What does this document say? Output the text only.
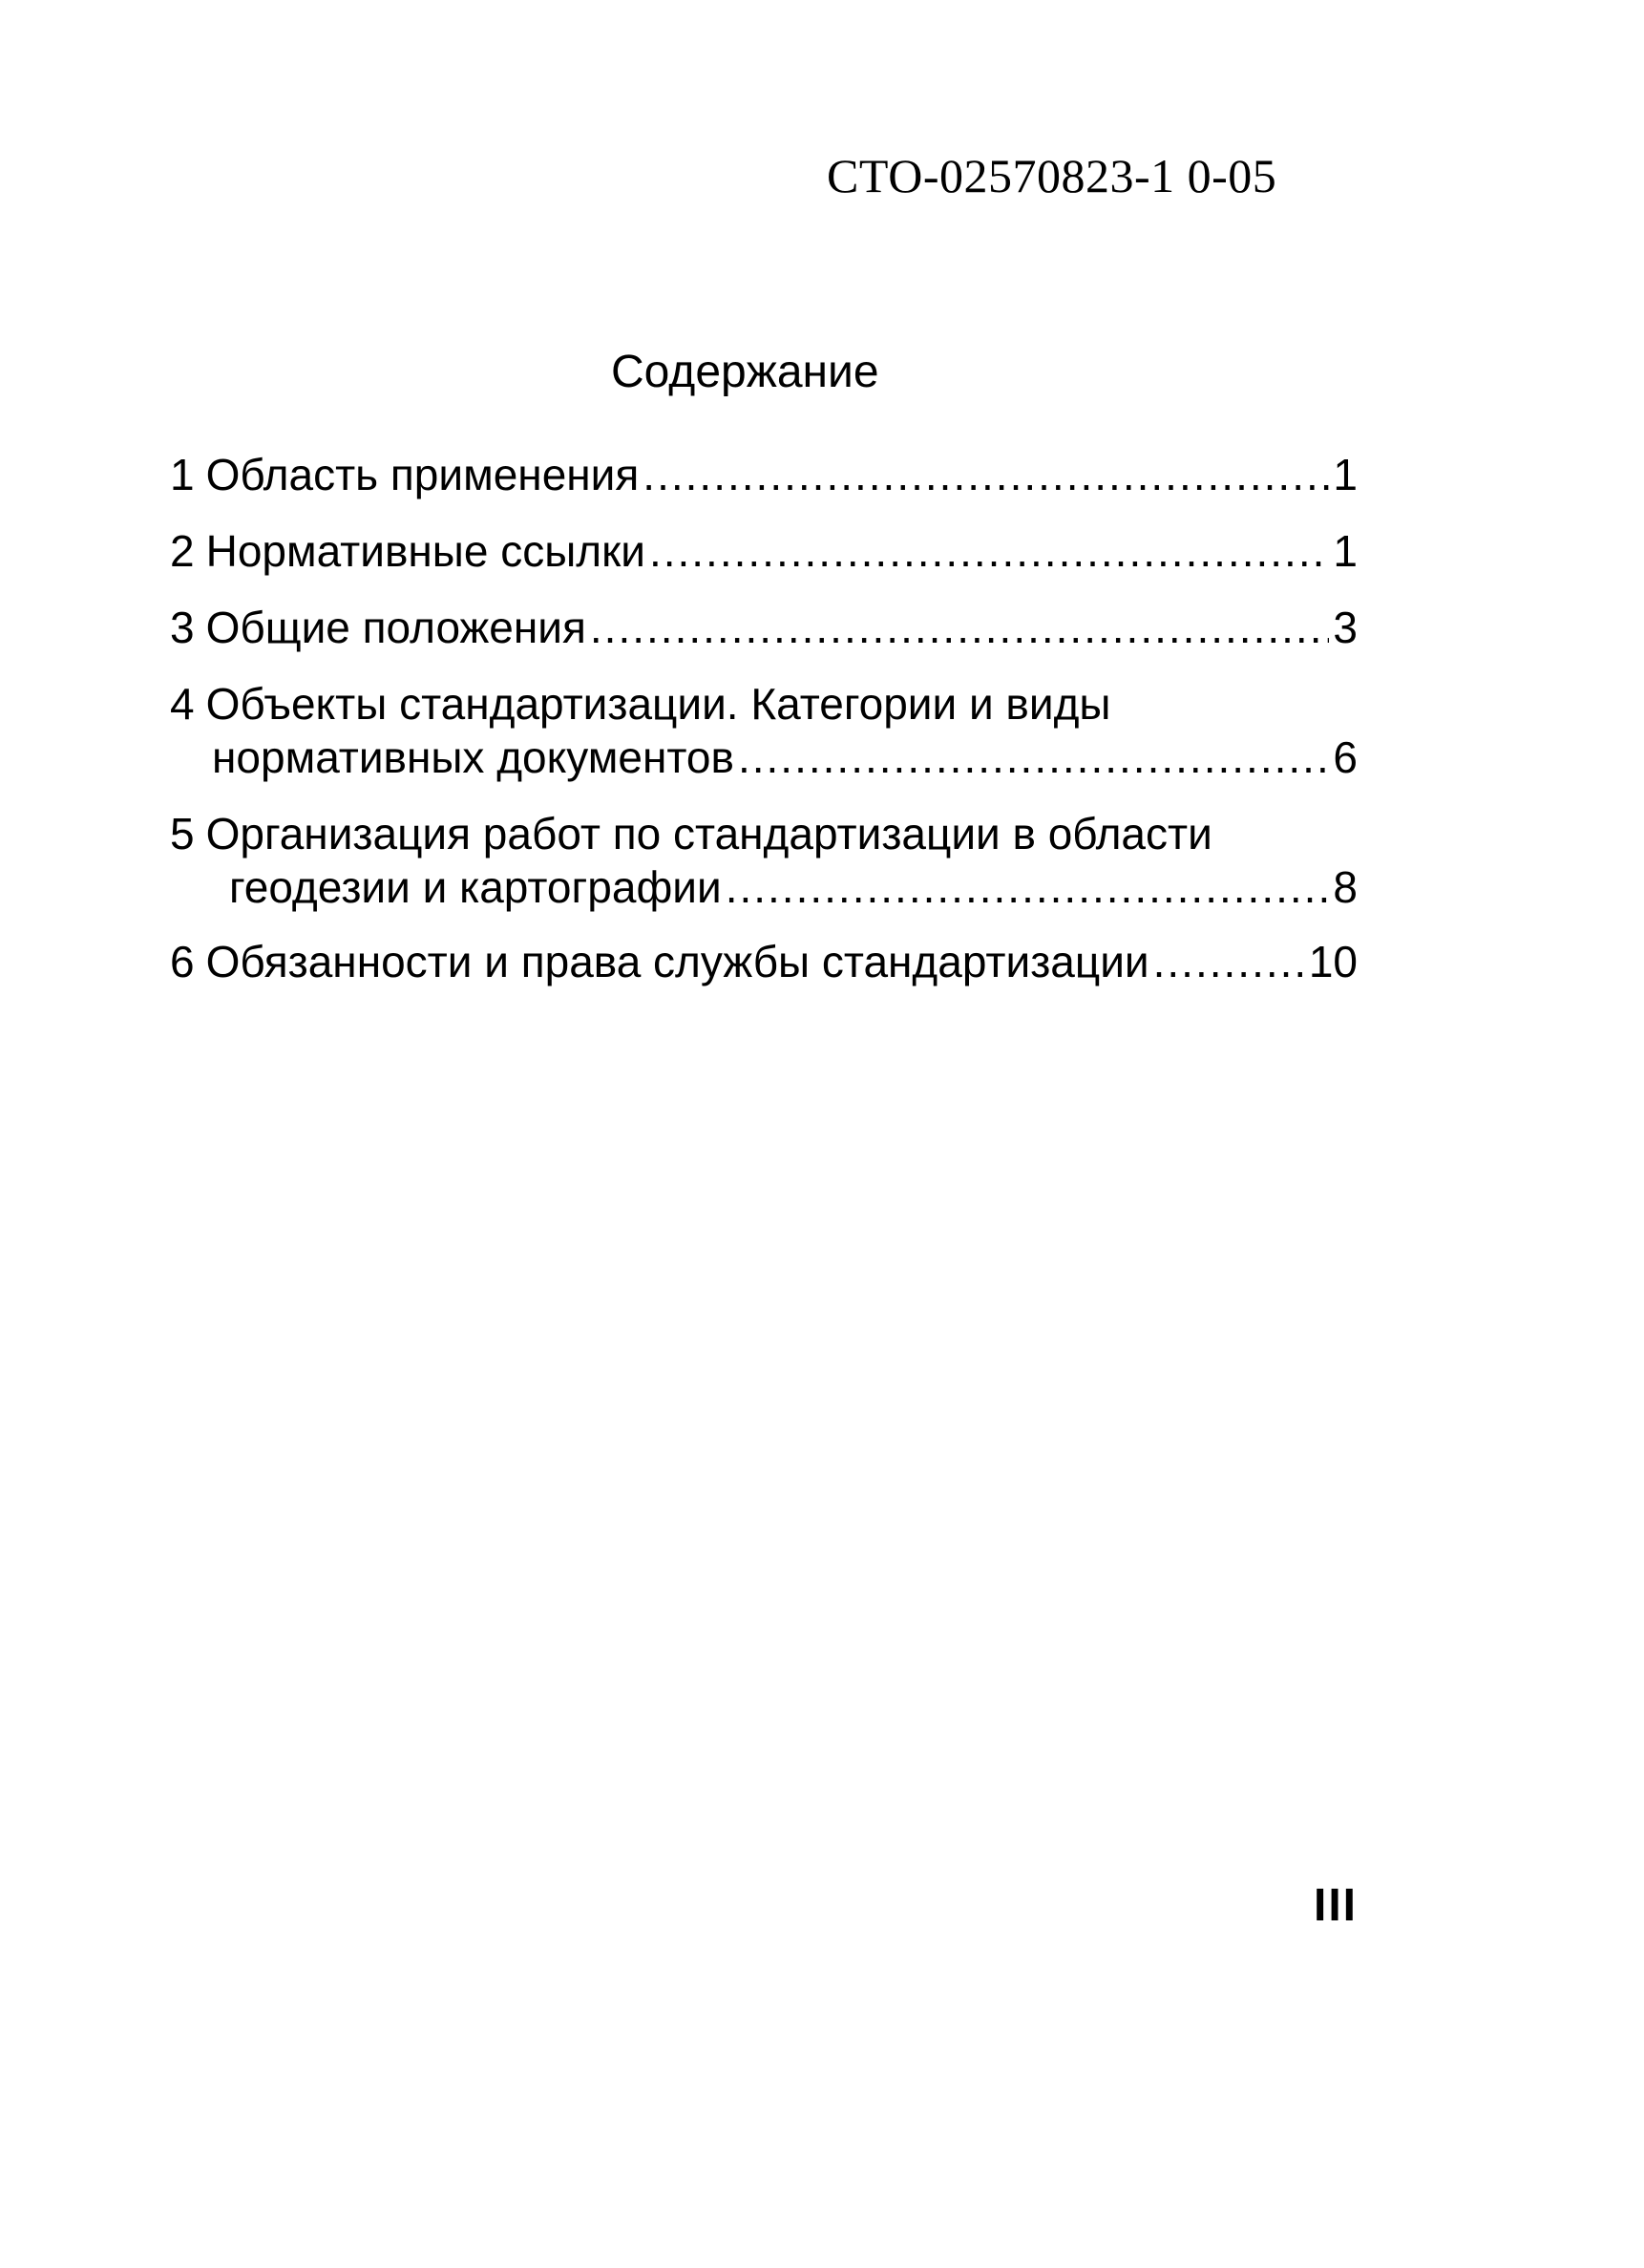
СТО-02570823-1 0-05
Содержание
1 Область применения .....	1
2 Нормативные ссылки .....	1
3 Общие положения .....	3
4 Объекты стандартизации. Категории и виды
нормативных документов .....	6
5 Организация работ по стандартизации в области
геодезии и картографии .....	8
6 Обязанности и права службы стандартизации .....	10
III
